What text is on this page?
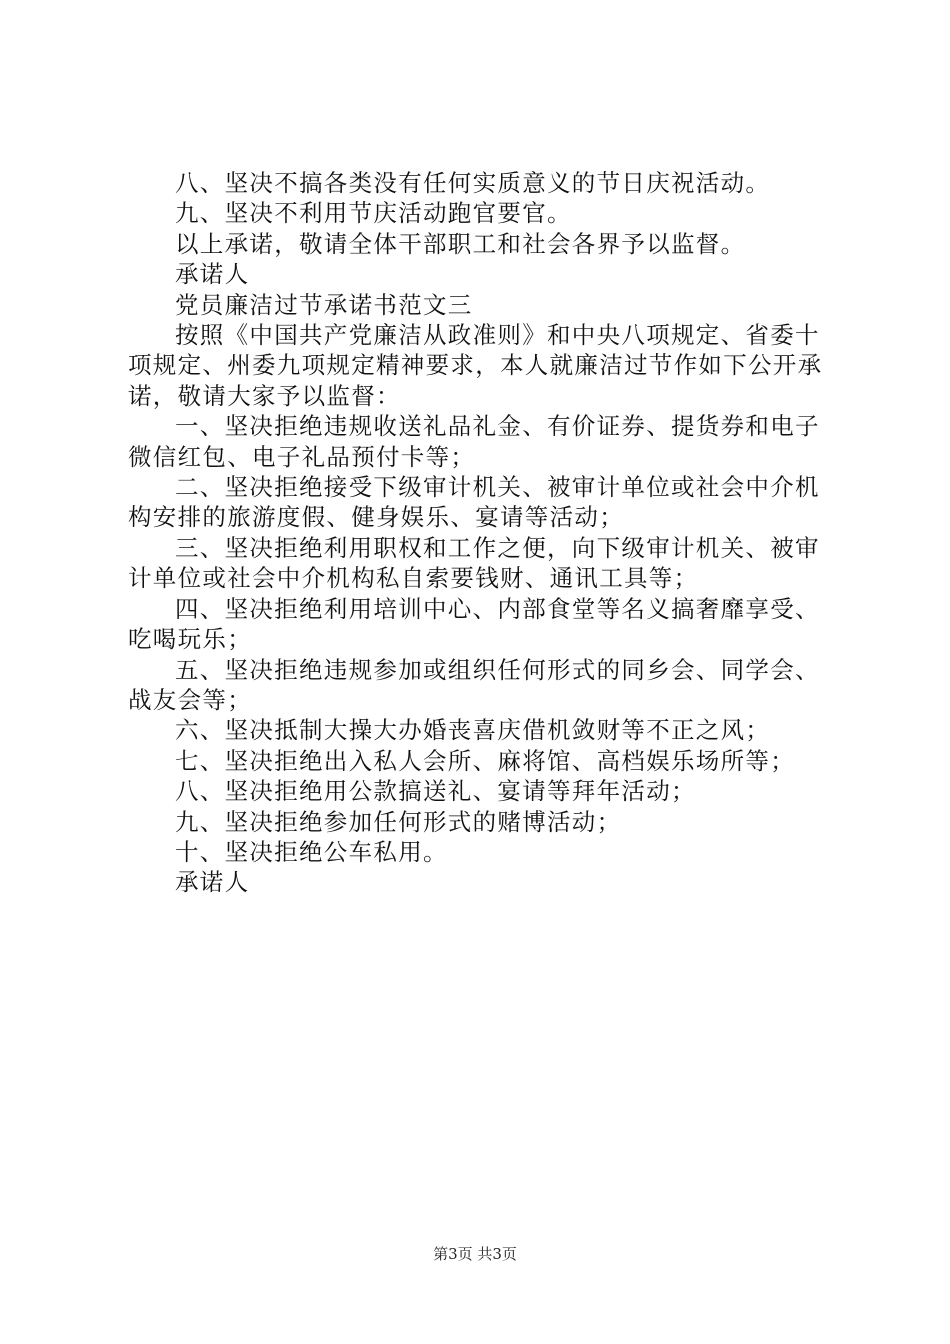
八、坚决不搞各类没有任何实质意义的节日庆祝活动。

九、坚决不利用节庆活动跑官要官。

以上承诺，敬请全体干部职工和社会各界予以监督。

承诺人

党员廉洁过节承诺书范文三

按照《中国共产党廉洁从政准则》和中央八项规定、省委十项规定、州委九项规定精神要求，本人就廉洁过节作如下公开承诺，敬请大家予以监督：

一、坚决拒绝违规收送礼品礼金、有价证券、提货券和电子微信红包、电子礼品预付卡等；

二、坚决拒绝接受下级审计机关、被审计单位或社会中介机构安排的旅游度假、健身娱乐、宴请等活动；

三、坚决拒绝利用职权和工作之便，向下级审计机关、被审计单位或社会中介机构私自索要钱财、通讯工具等；

四、坚决拒绝利用培训中心、内部食堂等名义搞奢靡享受、吃喝玩乐；

五、坚决拒绝违规参加或组织任何形式的同乡会、同学会、战友会等；

六、坚决抵制大操大办婚丧喜庆借机敛财等不正之风；

七、坚决拒绝出入私人会所、麻将馆、高档娱乐场所等；

八、坚决拒绝用公款搞送礼、宴请等拜年活动；

九、坚决拒绝参加任何形式的赌博活动；

十、坚决拒绝公车私用。

承诺人

第3页 共3页
